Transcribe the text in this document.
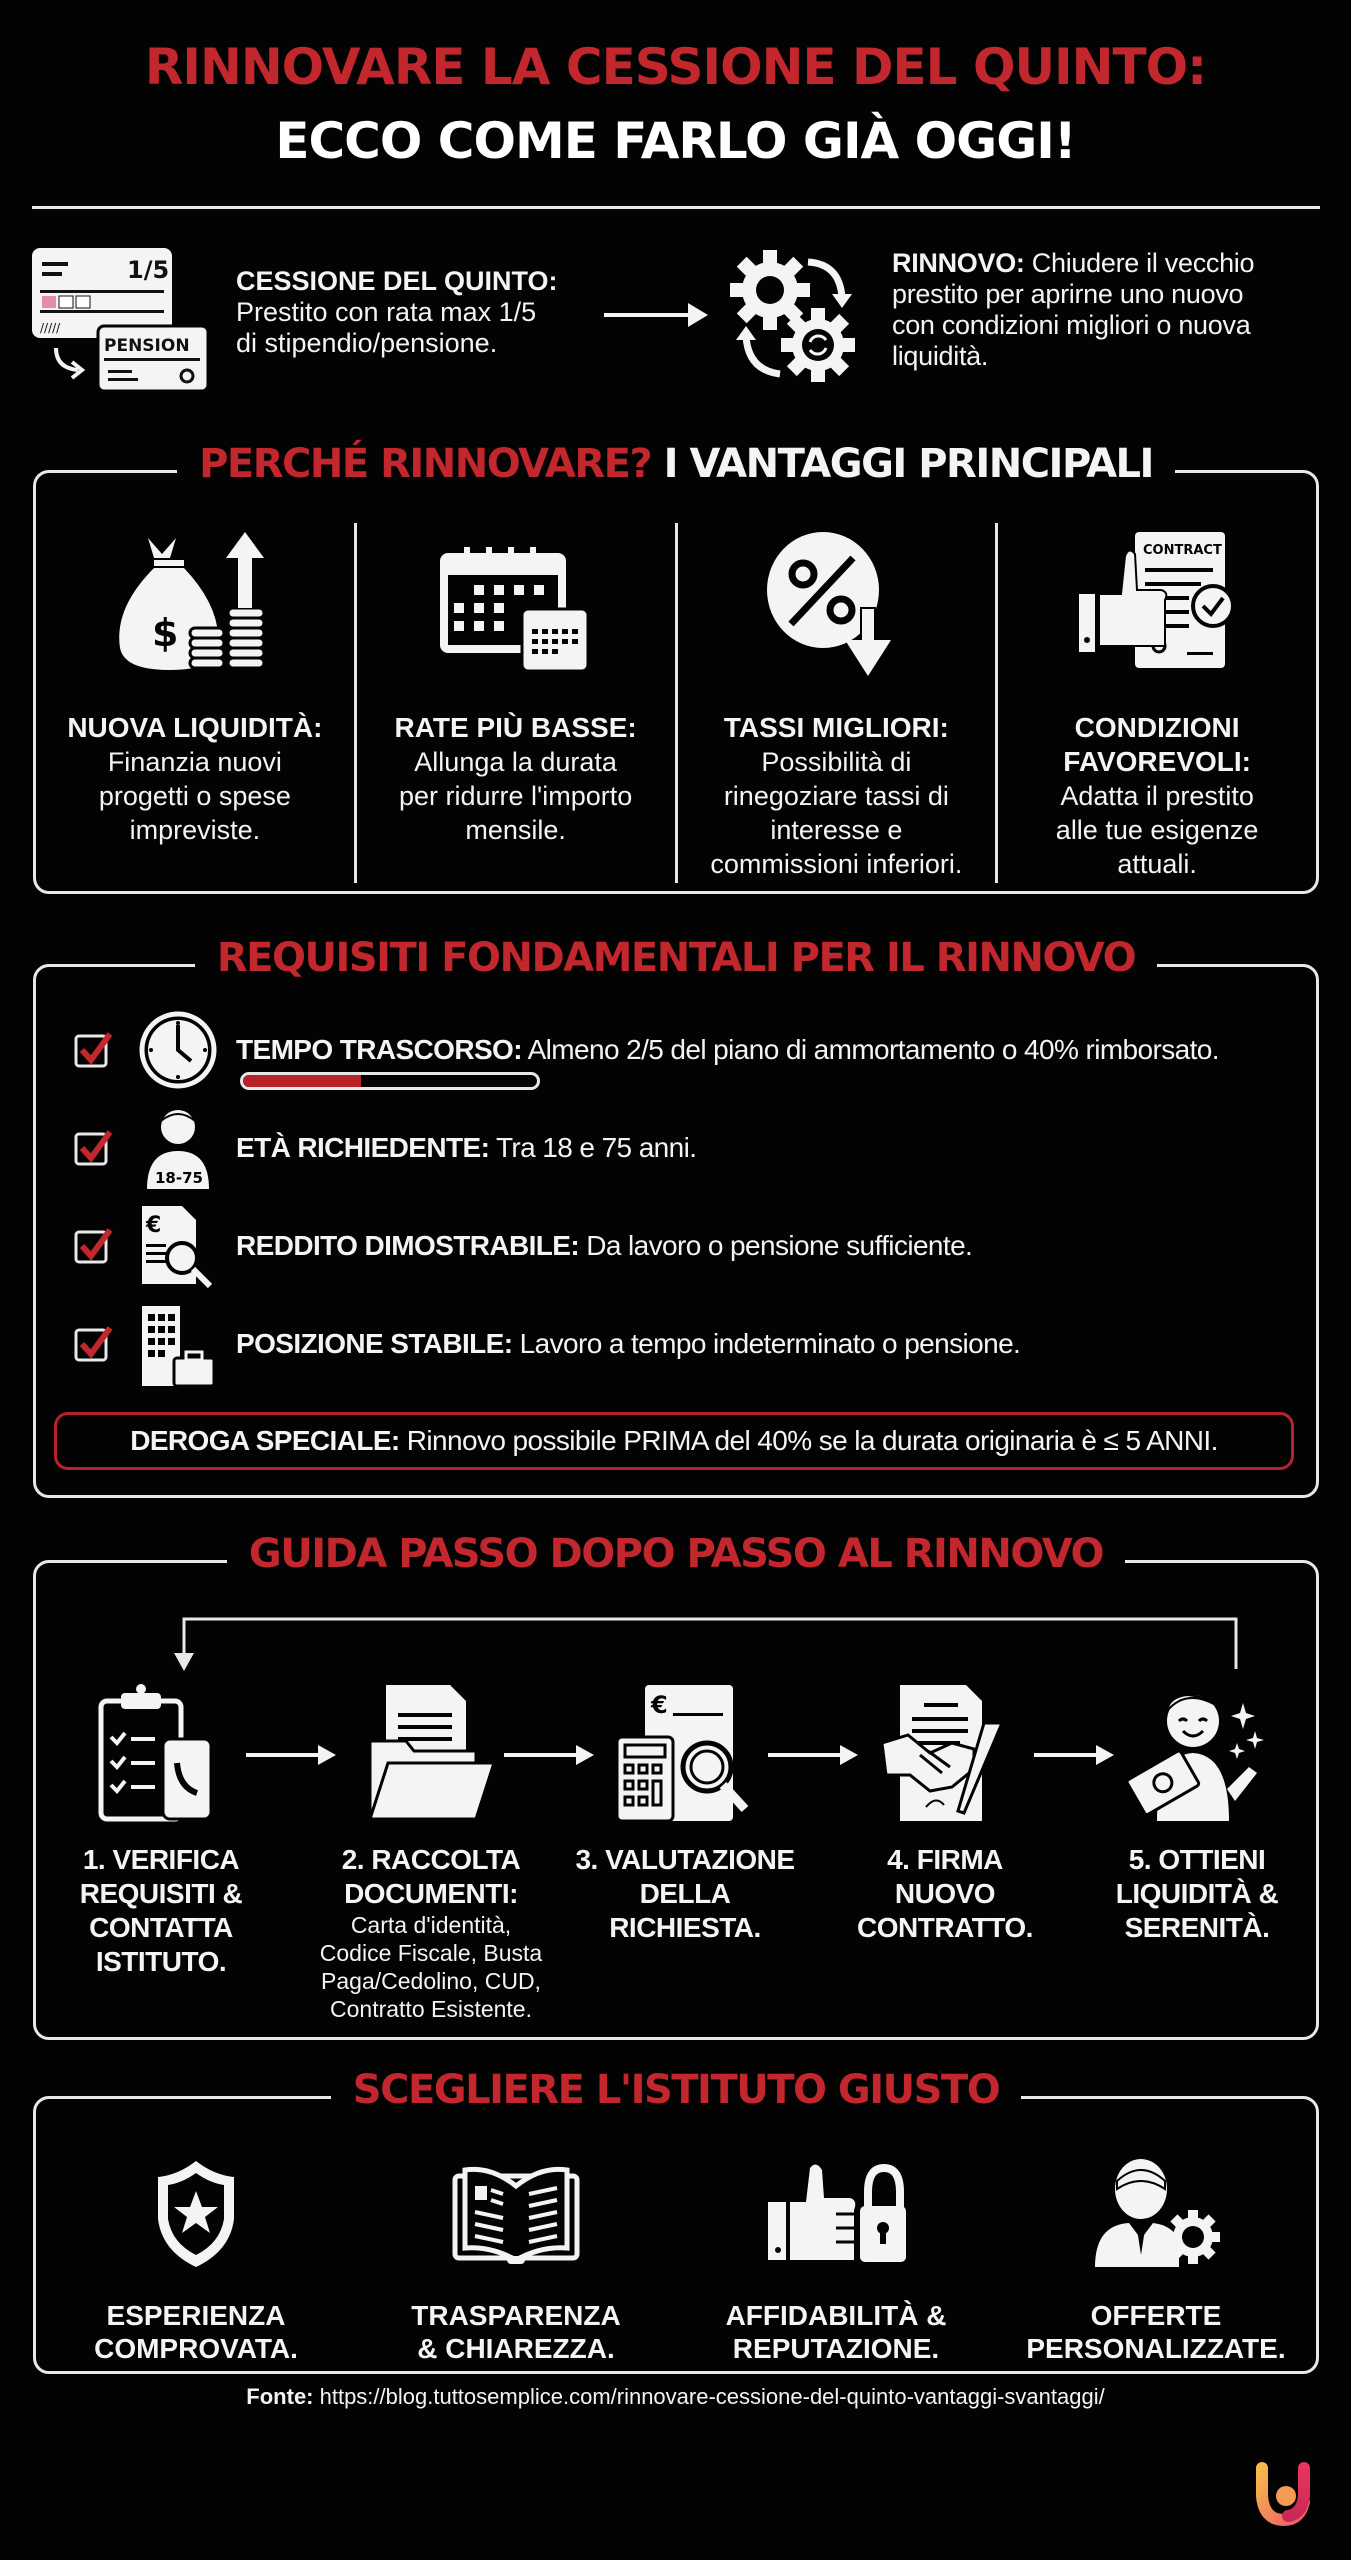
RINNOVARE LA CESSIONE DEL QUINTO:
ECCO COME FARLO GIÀ OGGI!
1/5
/////
PENSION
CESSIONE DEL QUINTO:
Prestito con rata max 1/5
di stipendio/pensione.
RINNOVO: Chiudere il vecchio
prestito per aprirne uno nuovo
con condizioni migliori o nuova
liquidità.
PERCHÉ RINNOVARE? I VANTAGGI PRINCIPALI
$
NUOVA LIQUIDITÀ:

Finanzia nuovi

progetti o spese

impreviste.

RATE PIÙ BASSE:

Allunga la durata

per ridurre l'importo

mensile.

TASSI MIGLIORI:

Possibilità di

rinegoziare tassi di

interesse e

commissioni inferiori.

CONTRACT
CONDIZIONI
FAVOREVOLI:

Adatta il prestito

alle tue esigenze

attuali.

REQUISITI FONDAMENTALI PER IL RINNOVO
TEMPO TRASCORSO: Almeno 2/5 del piano di ammortamento o 40% rimborsato.
18-75
ETÀ RICHIEDENTE: Tra 18 e 75 anni.
€
REDDITO DIMOSTRABILE: Da lavoro o pensione sufficiente.
POSIZIONE STABILE: Lavoro a tempo indeterminato o pensione.
DEROGA SPECIALE: Rinnovo possibile PRIMA del 40% se la durata originaria è ≤ 5 ANNI.
GUIDA PASSO DOPO PASSO AL RINNOVO
1. VERIFICA
REQUISITI &
CONTATTA
ISTITUTO.
2. RACCOLTA
DOCUMENTI:

Carta d'identità,

Codice Fiscale, Busta

Paga/Cedolino, CUD,

Contratto Esistente.

€
3. VALUTAZIONE
DELLA
RICHIESTA.
4. FIRMA
NUOVO
CONTRATTO.
5. OTTIENI
LIQUIDITÀ &
SERENITÀ.
SCEGLIERE L'ISTITUTO GIUSTO
ESPERIENZA
COMPROVATA.
TRASPARENZA
& CHIAREZZA.
AFFIDABILITÀ &
REPUTAZIONE.
OFFERTE
PERSONALIZZATE.
Fonte: https://blog.tuttosemplice.com/rinnovare-cessione-del-quinto-vantaggi-svantaggi/
